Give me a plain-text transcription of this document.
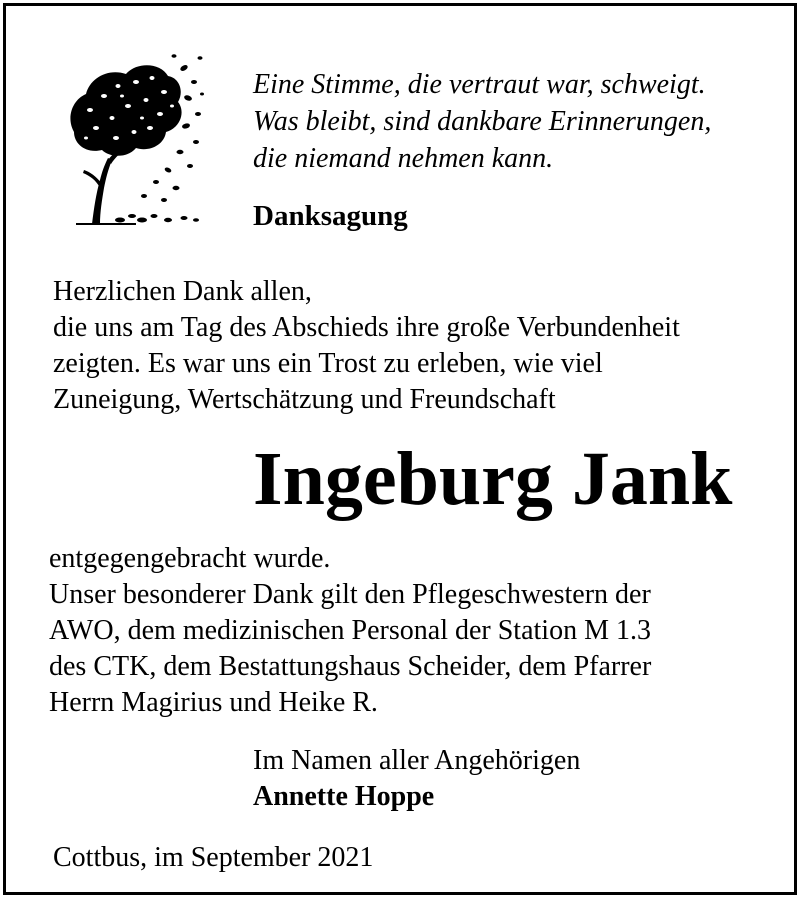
Eine Stimme, die vertraut war, schweigt.
Was bleibt, sind dankbare Erinnerungen,
die niemand nehmen kann.
Danksagung
Herzlichen Dank allen,
die uns am Tag des Abschieds ihre große Verbundenheit
zeigten. Es war uns ein Trost zu erleben, wie viel
Zuneigung, Wertschätzung und Freundschaft
Ingeburg Jank
entgegengebracht wurde.
Unser besonderer Dank gilt den Pflegeschwestern der
AWO, dem medizinischen Personal der Station M 1.3
des CTK, dem Bestattungshaus Scheider, dem Pfarrer
Herrn Magirius und Heike R.
Im Namen aller Angehörigen
Annette Hoppe
Cottbus, im September 2021
